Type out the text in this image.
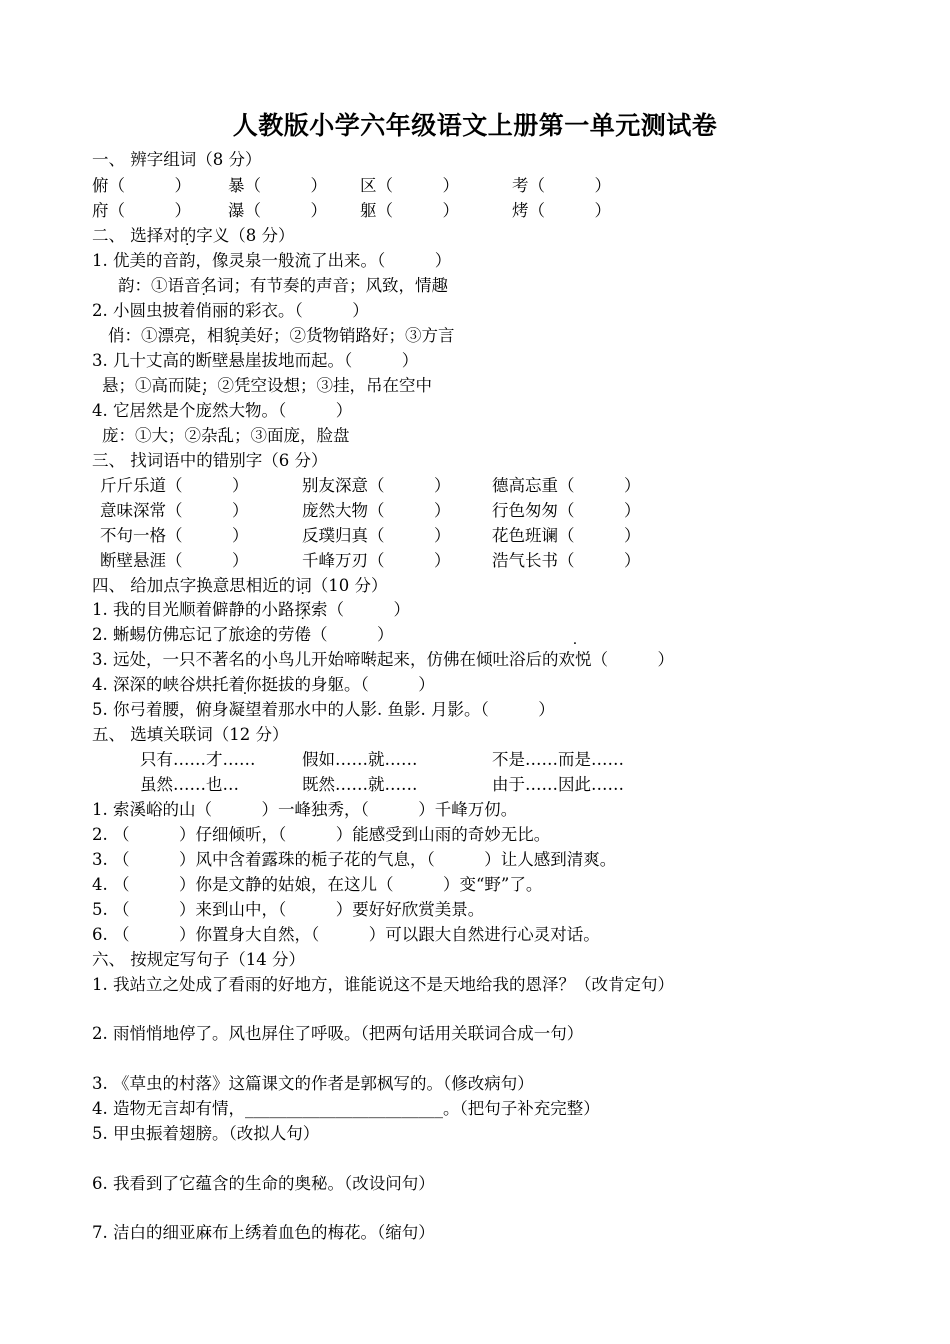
人教版小学六年级语文上册第一单元测试卷
一、 辨字组词（8 分）
俯（　　　） 暴（　　　） 区（　　　）	考（　　　）
府（　　　） 瀑（　　　） 躯（　　　）	烤（　　　）
二、 选择对的字义（8 分）
1. 优美的音韵，像灵泉一般流了出来。（　　　）
韵：①语音名词；有节奏的声音；风致，情趣
2. 小圆虫披着俏丽的彩衣。（　　　）
俏：①漂亮，相貌美好；②货物销路好；③方言
3. 几十丈高的断壁悬崖拔地而起。（　　　）
悬；①高而陡；②凭空设想；③挂，吊在空中
4. 它居然是个庞然大物。（　　　）
庞：①大；②杂乱；③面庞，脸盘
三、 找词语中的错别字（6 分）
斤斤乐道（　　　）	别友深意（　　　）	德高忘重（　　　）
意味深常（　　　）	庞然大物（　　　）	行色匆匆（　　　）
不句一格（　　　）	反璞归真（　　　）	花色班谰（　　　）
断壁悬涯（　　　）	千峰万刃（　　　）	浩气长书（　　　）
四、 给加点字换意思相近的词（10 分）
1. 我的目光顺着僻静的小路探索（　　　）
2. 蜥蜴仿佛忘记了旅途的劳倦（　　　）
3. 远处，一只不著名的小鸟儿开始啼啭起来，仿佛在倾吐浴后的欢悦（　　　）
4. 深深的峡谷烘托着你挺拔的身躯。（　　　）
5. 你弓着腰，俯身凝望着那水中的人影. 鱼影. 月影。（　　　）
五、 选填关联词（12 分）
只有……才……	假如……就……	不是……而是……
虽然……也…	既然……就……	由于……因此……
1. 索溪峪的山（　　　）一峰独秀，（　　　）千峰万仞。
2. （　　　）仔细倾听，（　　　）能感受到山雨的奇妙无比。
3. （　　　）风中含着露珠的栀子花的气息，（　　　）让人感到清爽。
4. （　　　）你是文静的姑娘，在这儿（　　　）变“野”了。
5. （　　　）来到山中，（　　　）要好好欣赏美景。
6. （　　　）你置身大自然，（　　　）可以跟大自然进行心灵对话。
六、 按规定写句子（14 分）
1. 我站立之处成了看雨的好地方，谁能说这不是天地给我的恩泽？（改肯定句）
2. 雨悄悄地停了。风也屏住了呼吸。（把两句话用关联词合成一句）
3. 《草虫的村落》这篇课文的作者是郭枫写的。（修改病句）
4. 造物无言却有情，________________________。（把句子补充完整）
5. 甲虫振着翅膀。（改拟人句）
6. 我看到了它蕴含的生命的奥秘。（改设问句）
7. 洁白的细亚麻布上绣着血色的梅花。（缩句）
